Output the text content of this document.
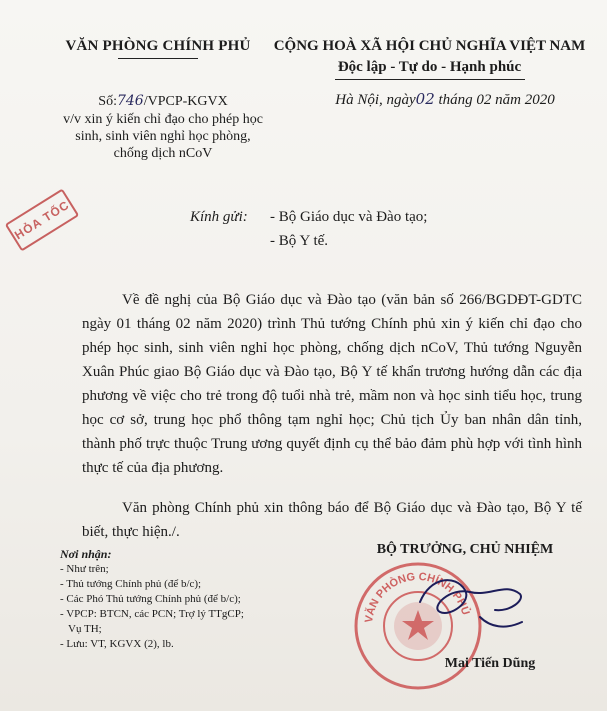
VĂN PHÒNG CHÍNH PHỦ	CỘNG HOÀ XÃ HỘI CHỦ NGHĨA VIỆT NAM
Độc lập - Tự do - Hạnh phúc
Số:746/VPCP-KGVX
v/v xin ý kiến chỉ đạo cho phép học sinh, sinh viên nghỉ học phòng, chống dịch nCoV
Hà Nội, ngày02 tháng 02 năm 2020
HỎA TỐC	Kính gửi:	- Bộ Giáo dục và Đào tạo;
- Bộ Y tế.

Về đề nghị của Bộ Giáo dục và Đào tạo (văn bản số 266/BGDĐT-GDTC ngày 01 tháng 02 năm 2020) trình Thủ tướng Chính phủ xin ý kiến chỉ đạo cho phép học sinh, sinh viên nghỉ học phòng, chống dịch nCoV, Thủ tướng Nguyễn Xuân Phúc giao Bộ Giáo dục và Đào tạo, Bộ Y tế khẩn trương hướng dẫn các địa phương về việc cho trẻ trong độ tuổi nhà trẻ, mầm non và học sinh tiểu học, trung học cơ sở, trung học phổ thông tạm nghỉ học; Chủ tịch Ủy ban nhân dân tỉnh, thành phố trực thuộc Trung ương quyết định cụ thể bảo đảm phù hợp với tình hình thực tế của địa phương.

Văn phòng Chính phủ xin thông báo để Bộ Giáo dục và Đào tạo, Bộ Y tế biết, thực hiện./.

Nơi nhận:
- Như trên;
- Thủ tướng Chính phủ (để b/c);
- Các Phó Thủ tướng Chính phủ (để b/c);
- VPCP: BTCN, các PCN; Trợ lý TTgCP;
Vụ TH;
- Lưu: VT, KGVX (2), lb.
BỘ TRƯỞNG, CHỦ NHIỆM
VĂN PHÒNG CHÍNH PHỦ
Mai Tiến Dũng
